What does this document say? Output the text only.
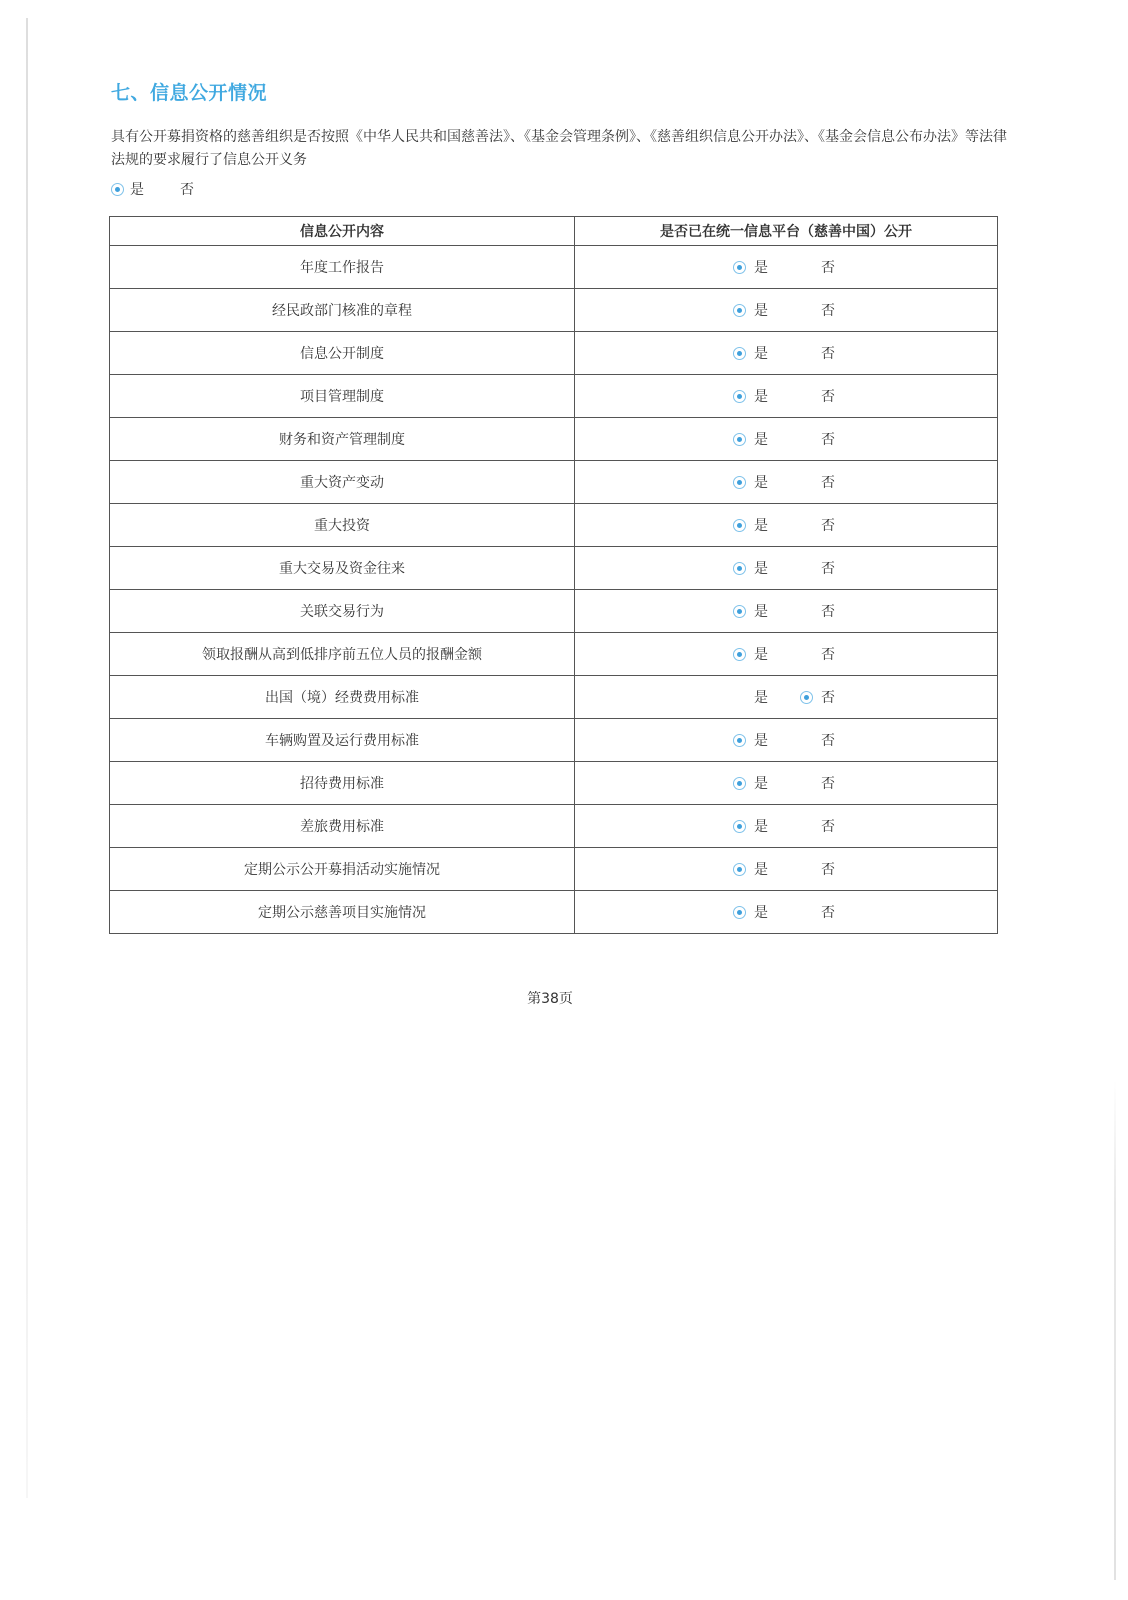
七、信息公开情况
具有公开募捐资格的慈善组织是否按照《中华人民共和国慈善法》、《基金会管理条例》、《慈善组织信息公开办法》、《基金会信息公布办法》等法律法规的要求履行了信息公开义务
是	否
信息公开内容	是否已在统一信息平台（慈善中国）公开
年度工作报告	是 否

经民政部门核准的章程	是 否

信息公开制度	是 否

项目管理制度	是 否

财务和资产管理制度	是 否

重大资产变动	是 否

重大投资	是 否

重大交易及资金往来	是 否

关联交易行为	是 否

领取报酬从高到低排序前五位人员的报酬金额	是 否

出国（境）经费费用标准	是 否

车辆购置及运行费用标准	是 否

招待费用标准	是 否

差旅费用标准	是 否

定期公示公开募捐活动实施情况	是 否

定期公示慈善项目实施情况	是 否
第38页
